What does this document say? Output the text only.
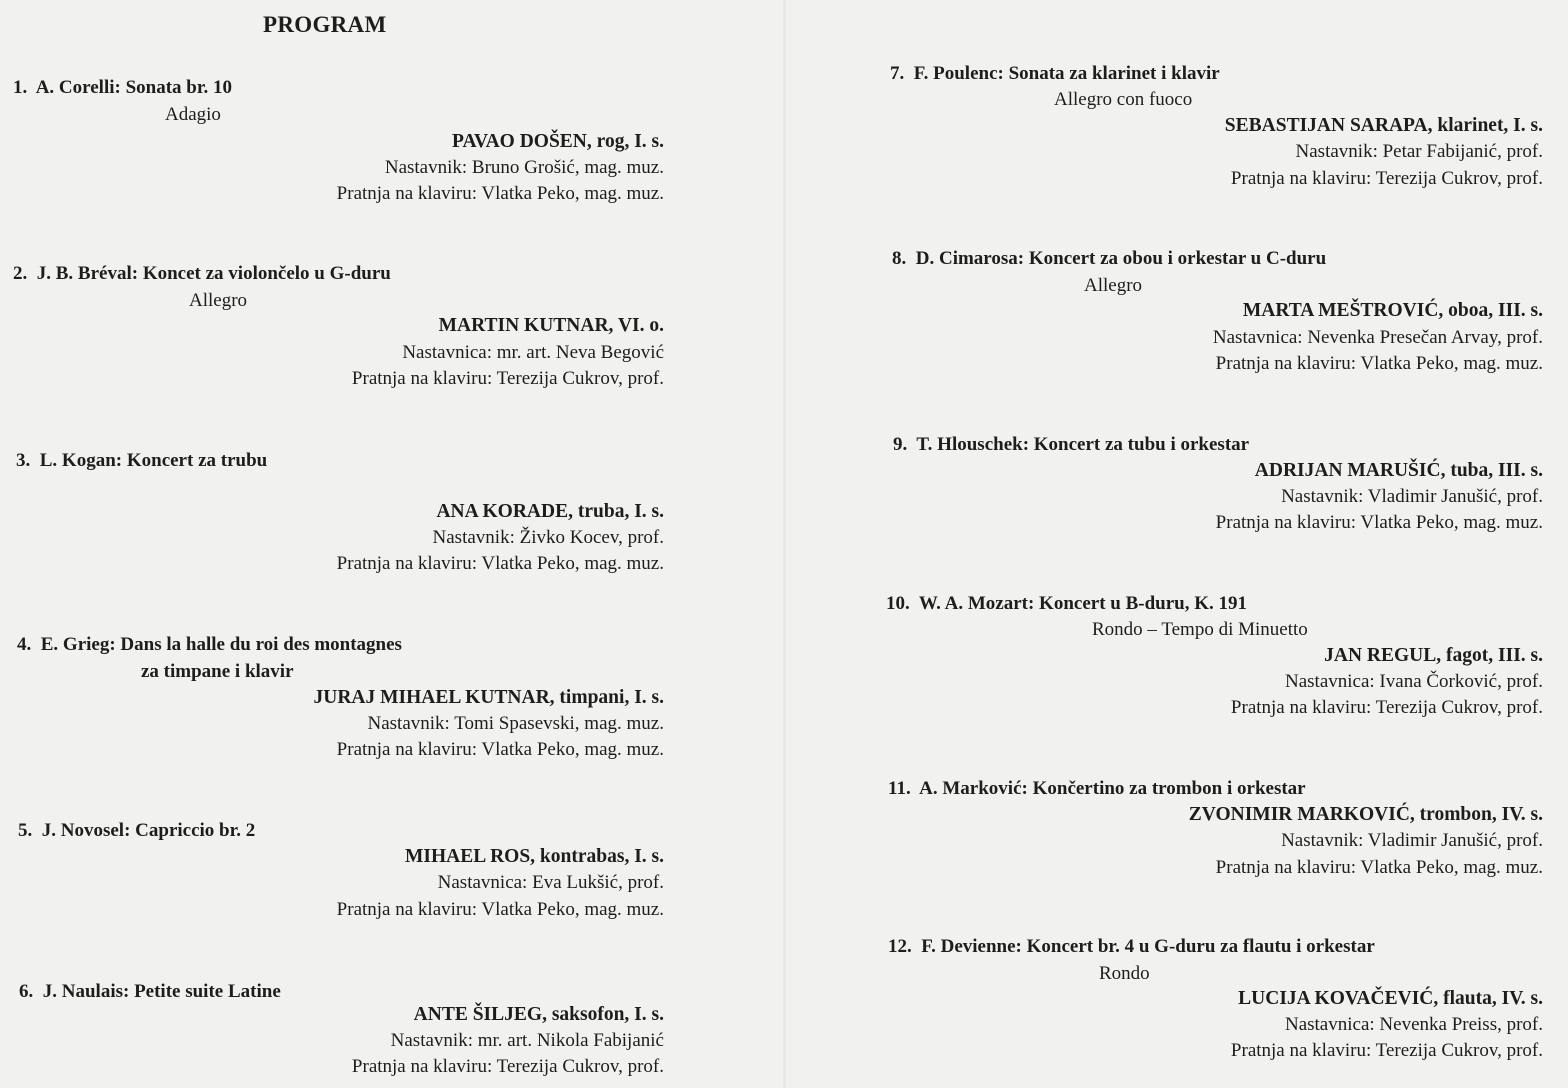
PROGRAM
1. A. Corelli: Sonata br. 10
Adagio
PAVAO DOŠEN, rog, I. s.
Nastavnik: Bruno Grošić, mag. muz.
Pratnja na klaviru: Vlatka Peko, mag. muz.
2. J. B. Bréval: Koncet za violončelo u G-duru
Allegro
MARTIN KUTNAR, VI. o.
Nastavnica: mr. art. Neva Begović
Pratnja na klaviru: Terezija Cukrov, prof.
3. L. Kogan: Koncert za trubu
ANA KORADE, truba, I. s.
Nastavnik: Živko Kocev, prof.
Pratnja na klaviru: Vlatka Peko, mag. muz.
4. E. Grieg: Dans la halle du roi des montagnes
za timpane i klavir
JURAJ MIHAEL KUTNAR, timpani, I. s.
Nastavnik: Tomi Spasevski, mag. muz.
Pratnja na klaviru: Vlatka Peko, mag. muz.
5. J. Novosel: Capriccio br. 2
MIHAEL ROS, kontrabas, I. s.
Nastavnica: Eva Lukšić, prof.
Pratnja na klaviru: Vlatka Peko, mag. muz.
6. J. Naulais: Petite suite Latine
ANTE ŠILJEG, saksofon, I. s.
Nastavnik: mr. art. Nikola Fabijanić
Pratnja na klaviru: Terezija Cukrov, prof.
7. F. Poulenc: Sonata za klarinet i klavir
Allegro con fuoco
SEBASTIJAN SARAPA, klarinet, I. s.
Nastavnik: Petar Fabijanić, prof.
Pratnja na klaviru: Terezija Cukrov, prof.
8. D. Cimarosa: Koncert za obou i orkestar u C-duru
Allegro
MARTA MEŠTROVIĆ, oboa, III. s.
Nastavnica: Nevenka Presečan Arvay, prof.
Pratnja na klaviru: Vlatka Peko, mag. muz.
9. T. Hlouschek: Koncert za tubu i orkestar
ADRIJAN MARUŠIĆ, tuba, III. s.
Nastavnik: Vladimir Janušić, prof.
Pratnja na klaviru: Vlatka Peko, mag. muz.
10. W. A. Mozart: Koncert u B-duru, K. 191
Rondo – Tempo di Minuetto
JAN REGUL, fagot, III. s.
Nastavnica: Ivana Čorković, prof.
Pratnja na klaviru: Terezija Cukrov, prof.
11. A. Marković: Končertino za trombon i orkestar
ZVONIMIR MARKOVIĆ, trombon, IV. s.
Nastavnik: Vladimir Janušić, prof.
Pratnja na klaviru: Vlatka Peko, mag. muz.
12. F. Devienne: Koncert br. 4 u G-duru za flautu i orkestar
Rondo
LUCIJA KOVAČEVIĆ, flauta, IV. s.
Nastavnica: Nevenka Preiss, prof.
Pratnja na klaviru: Terezija Cukrov, prof.
